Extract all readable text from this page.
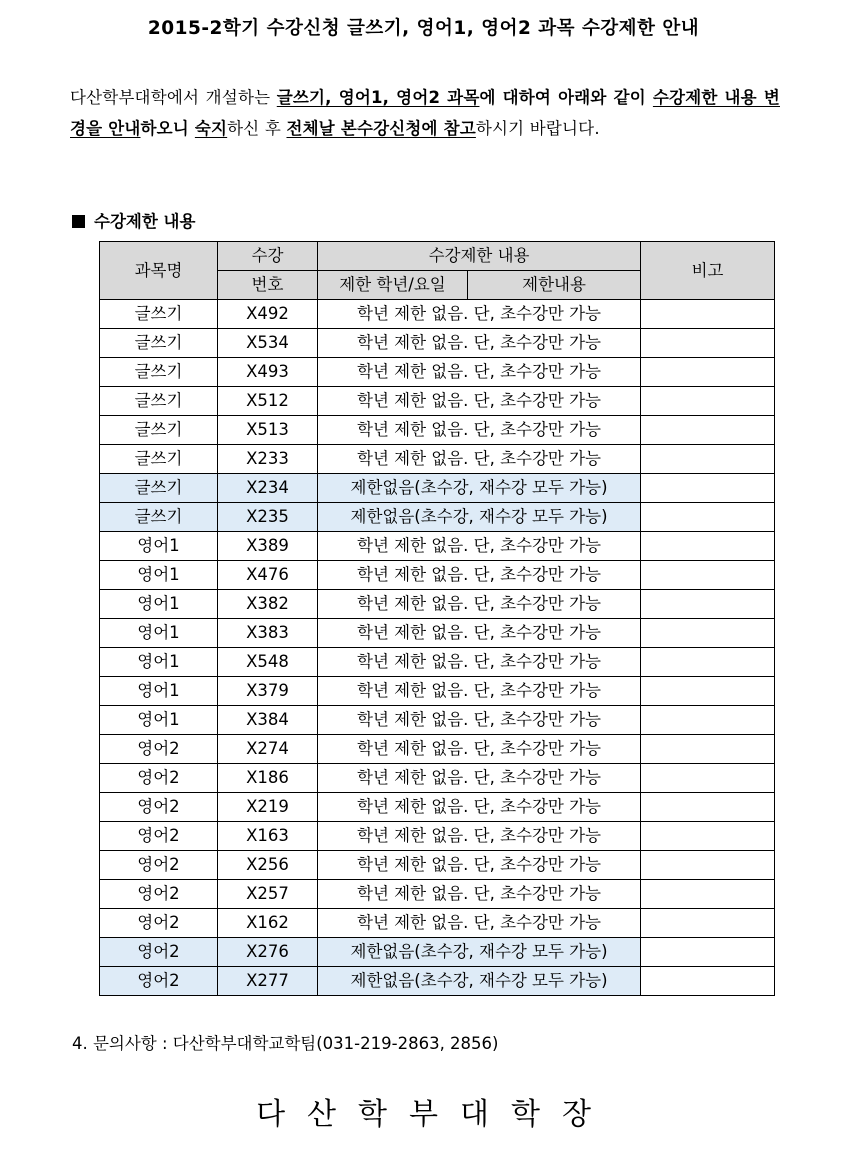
2015-2학기 수강신청 글쓰기, 영어1, 영어2 과목 수강제한 안내
다산학부대학에서 개설하는 글쓰기, 영어1, 영어2 과목에 대하여 아래와 같이 수강제한 내용 변경을 안내하오니 숙지하신 후 전체날 본수강신청에 참고하시기 바랍니다.
수강제한 내용
과목명	수강	수강제한 내용		비고
	번호	제한 학년/요일	제한내용	
글쓰기	X492	학년 제한 없음. 단, 초수강만 가능		
글쓰기	X534	학년 제한 없음. 단, 초수강만 가능		
글쓰기	X493	학년 제한 없음. 단, 초수강만 가능		
글쓰기	X512	학년 제한 없음. 단, 초수강만 가능		
글쓰기	X513	학년 제한 없음. 단, 초수강만 가능		
글쓰기	X233	학년 제한 없음. 단, 초수강만 가능		
글쓰기	X234	제한없음(초수강, 재수강 모두 가능)		
글쓰기	X235	제한없음(초수강, 재수강 모두 가능)		
영어1	X389	학년 제한 없음. 단, 초수강만 가능		
영어1	X476	학년 제한 없음. 단, 초수강만 가능		
영어1	X382	학년 제한 없음. 단, 초수강만 가능		
영어1	X383	학년 제한 없음. 단, 초수강만 가능		
영어1	X548	학년 제한 없음. 단, 초수강만 가능		
영어1	X379	학년 제한 없음. 단, 초수강만 가능		
영어1	X384	학년 제한 없음. 단, 초수강만 가능		
영어2	X274	학년 제한 없음. 단, 초수강만 가능		
영어2	X186	학년 제한 없음. 단, 초수강만 가능		
영어2	X219	학년 제한 없음. 단, 초수강만 가능		
영어2	X163	학년 제한 없음. 단, 초수강만 가능		
영어2	X256	학년 제한 없음. 단, 초수강만 가능		
영어2	X257	학년 제한 없음. 단, 초수강만 가능		
영어2	X162	학년 제한 없음. 단, 초수강만 가능		
영어2	X276	제한없음(초수강, 재수강 모두 가능)		
영어2	X277	제한없음(초수강, 재수강 모두 가능)		
4. 문의사항 : 다산학부대학교학팀(031-219-2863, 2856)
다산학부대학장
